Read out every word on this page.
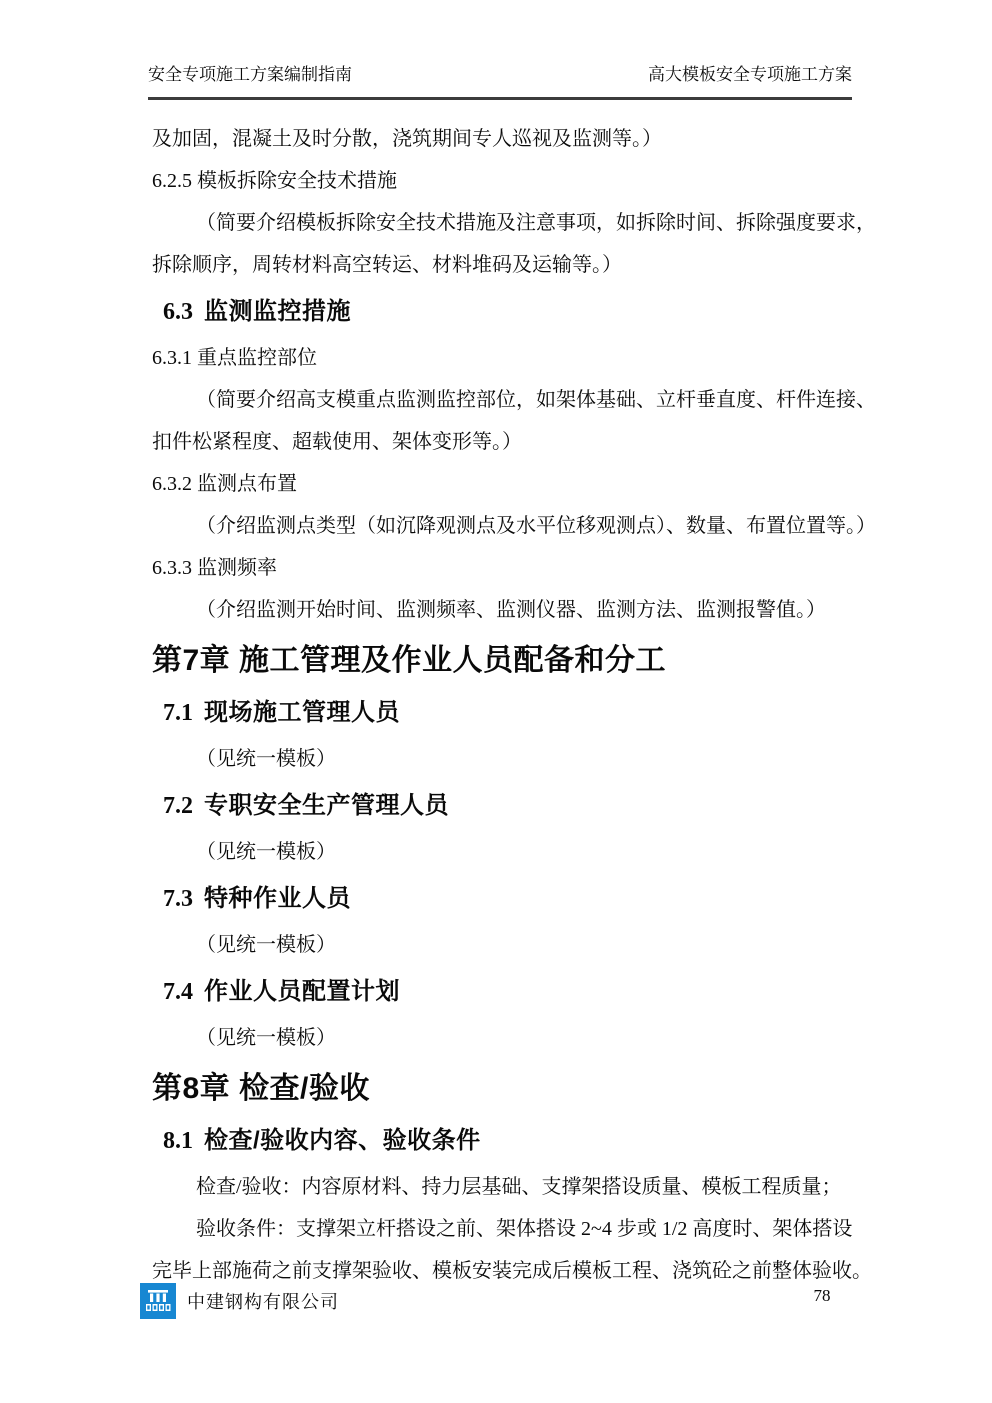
安全专项施工方案编制指南	高大模板安全专项施工方案

及加固，混凝土及时分散，浇筑期间专人巡视及监测等。）

6.2.5 模板拆除安全技术措施

（简要介绍模板拆除安全技术措施及注意事项，如拆除时间、拆除强度要求，

拆除顺序，周转材料高空转运、材料堆码及运输等。）

6.3 监测监控措施

6.3.1 重点监控部位

（简要介绍高支模重点监测监控部位，如架体基础、立杆垂直度、杆件连接、

扣件松紧程度、超载使用、架体变形等。）

6.3.2 监测点布置

（介绍监测点类型（如沉降观测点及水平位移观测点）、数量、布置位置等。）

6.3.3 监测频率

（介绍监测开始时间、监测频率、监测仪器、监测方法、监测报警值。）

第7章 施工管理及作业人员配备和分工
7.1 现场施工管理人员

（见统一模板）

7.2 专职安全生产管理人员

（见统一模板）

7.3 特种作业人员

（见统一模板）

7.4 作业人员配置计划

（见统一模板）

第8章 检查/验收
8.1 检查/验收内容、验收条件

检查/验收：内容原材料、持力层基础、支撑架搭设质量、模板工程质量；

验收条件：支撑架立杆搭设之前、架体搭设 2~4 步或 1/2 高度时、架体搭设

完毕上部施荷之前支撑架验收、模板安装完成后模板工程、浇筑砼之前整体验收。

中建钢构有限公司	78
